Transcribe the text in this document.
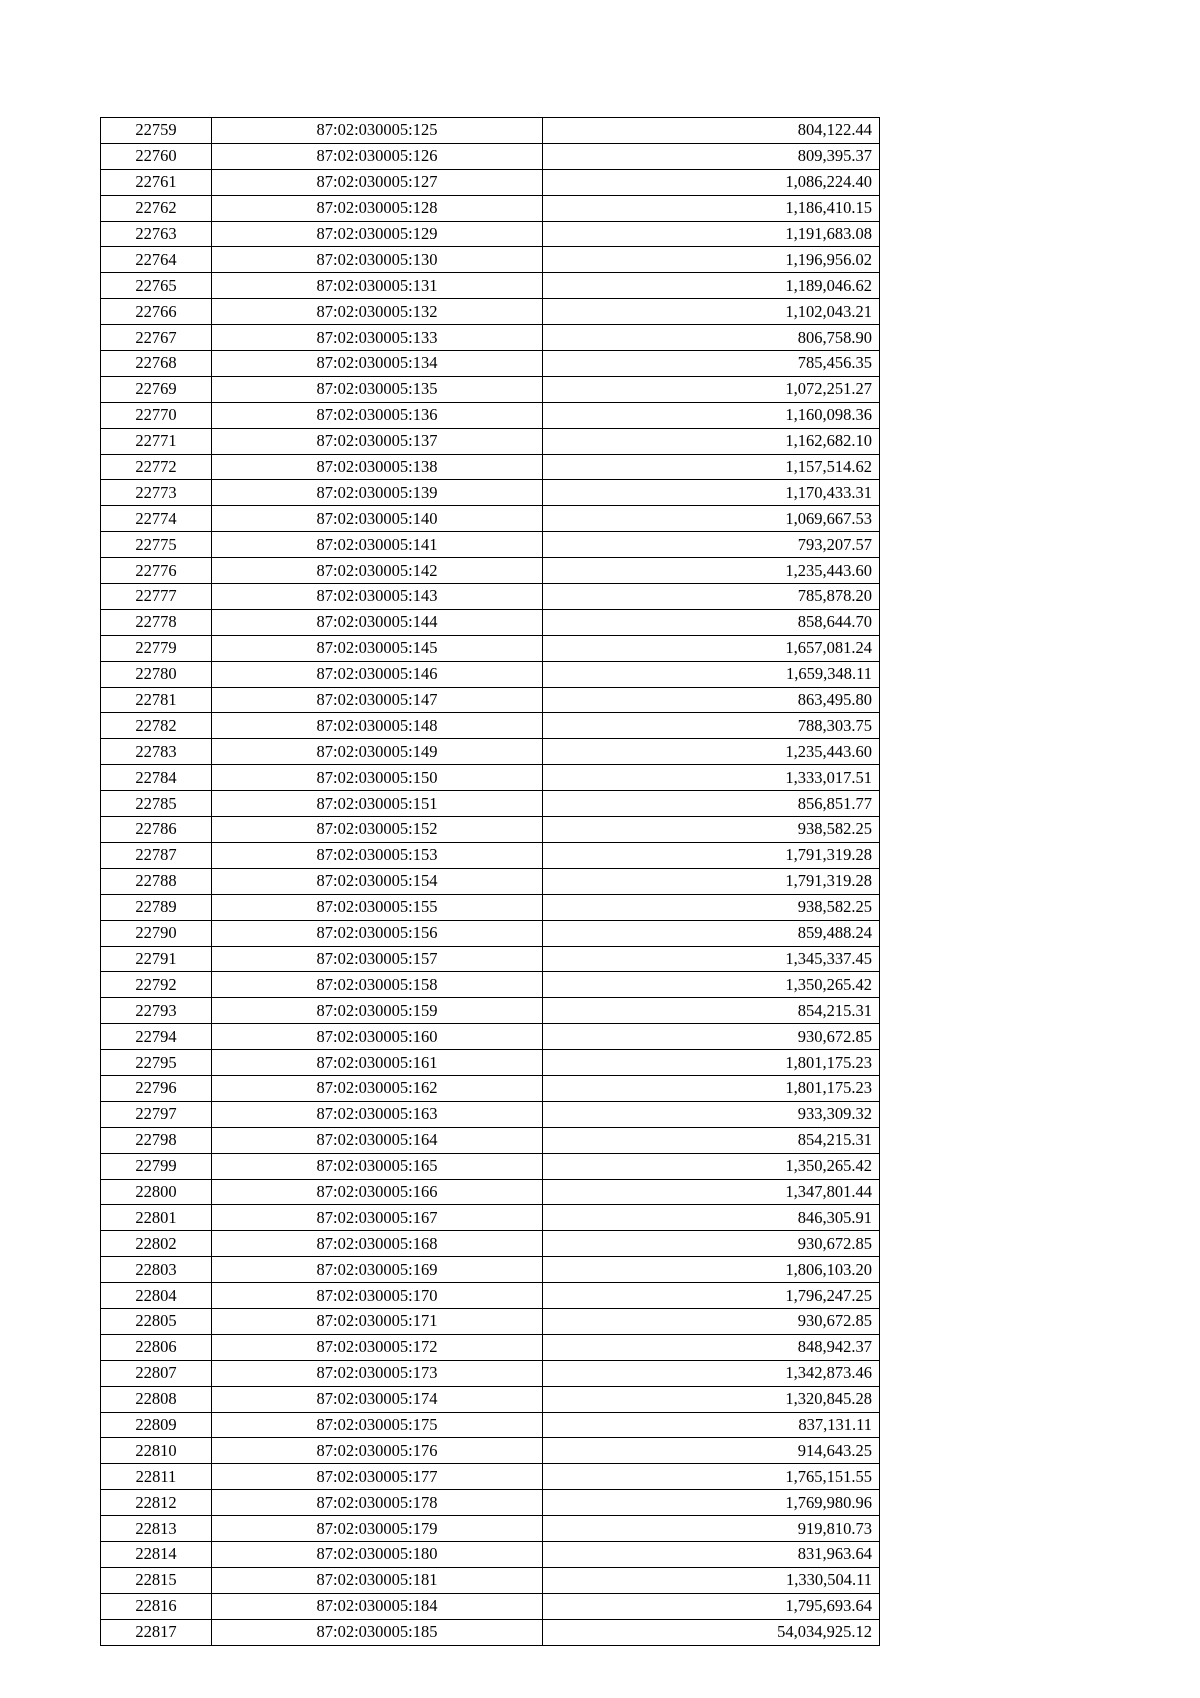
22759	87:02:030005:125	804,122.44
22760	87:02:030005:126	809,395.37
22761	87:02:030005:127	1,086,224.40
22762	87:02:030005:128	1,186,410.15
22763	87:02:030005:129	1,191,683.08
22764	87:02:030005:130	1,196,956.02
22765	87:02:030005:131	1,189,046.62
22766	87:02:030005:132	1,102,043.21
22767	87:02:030005:133	806,758.90
22768	87:02:030005:134	785,456.35
22769	87:02:030005:135	1,072,251.27
22770	87:02:030005:136	1,160,098.36
22771	87:02:030005:137	1,162,682.10
22772	87:02:030005:138	1,157,514.62
22773	87:02:030005:139	1,170,433.31
22774	87:02:030005:140	1,069,667.53
22775	87:02:030005:141	793,207.57
22776	87:02:030005:142	1,235,443.60
22777	87:02:030005:143	785,878.20
22778	87:02:030005:144	858,644.70
22779	87:02:030005:145	1,657,081.24
22780	87:02:030005:146	1,659,348.11
22781	87:02:030005:147	863,495.80
22782	87:02:030005:148	788,303.75
22783	87:02:030005:149	1,235,443.60
22784	87:02:030005:150	1,333,017.51
22785	87:02:030005:151	856,851.77
22786	87:02:030005:152	938,582.25
22787	87:02:030005:153	1,791,319.28
22788	87:02:030005:154	1,791,319.28
22789	87:02:030005:155	938,582.25
22790	87:02:030005:156	859,488.24
22791	87:02:030005:157	1,345,337.45
22792	87:02:030005:158	1,350,265.42
22793	87:02:030005:159	854,215.31
22794	87:02:030005:160	930,672.85
22795	87:02:030005:161	1,801,175.23
22796	87:02:030005:162	1,801,175.23
22797	87:02:030005:163	933,309.32
22798	87:02:030005:164	854,215.31
22799	87:02:030005:165	1,350,265.42
22800	87:02:030005:166	1,347,801.44
22801	87:02:030005:167	846,305.91
22802	87:02:030005:168	930,672.85
22803	87:02:030005:169	1,806,103.20
22804	87:02:030005:170	1,796,247.25
22805	87:02:030005:171	930,672.85
22806	87:02:030005:172	848,942.37
22807	87:02:030005:173	1,342,873.46
22808	87:02:030005:174	1,320,845.28
22809	87:02:030005:175	837,131.11
22810	87:02:030005:176	914,643.25
22811	87:02:030005:177	1,765,151.55
22812	87:02:030005:178	1,769,980.96
22813	87:02:030005:179	919,810.73
22814	87:02:030005:180	831,963.64
22815	87:02:030005:181	1,330,504.11
22816	87:02:030005:184	1,795,693.64
22817	87:02:030005:185	54,034,925.12
